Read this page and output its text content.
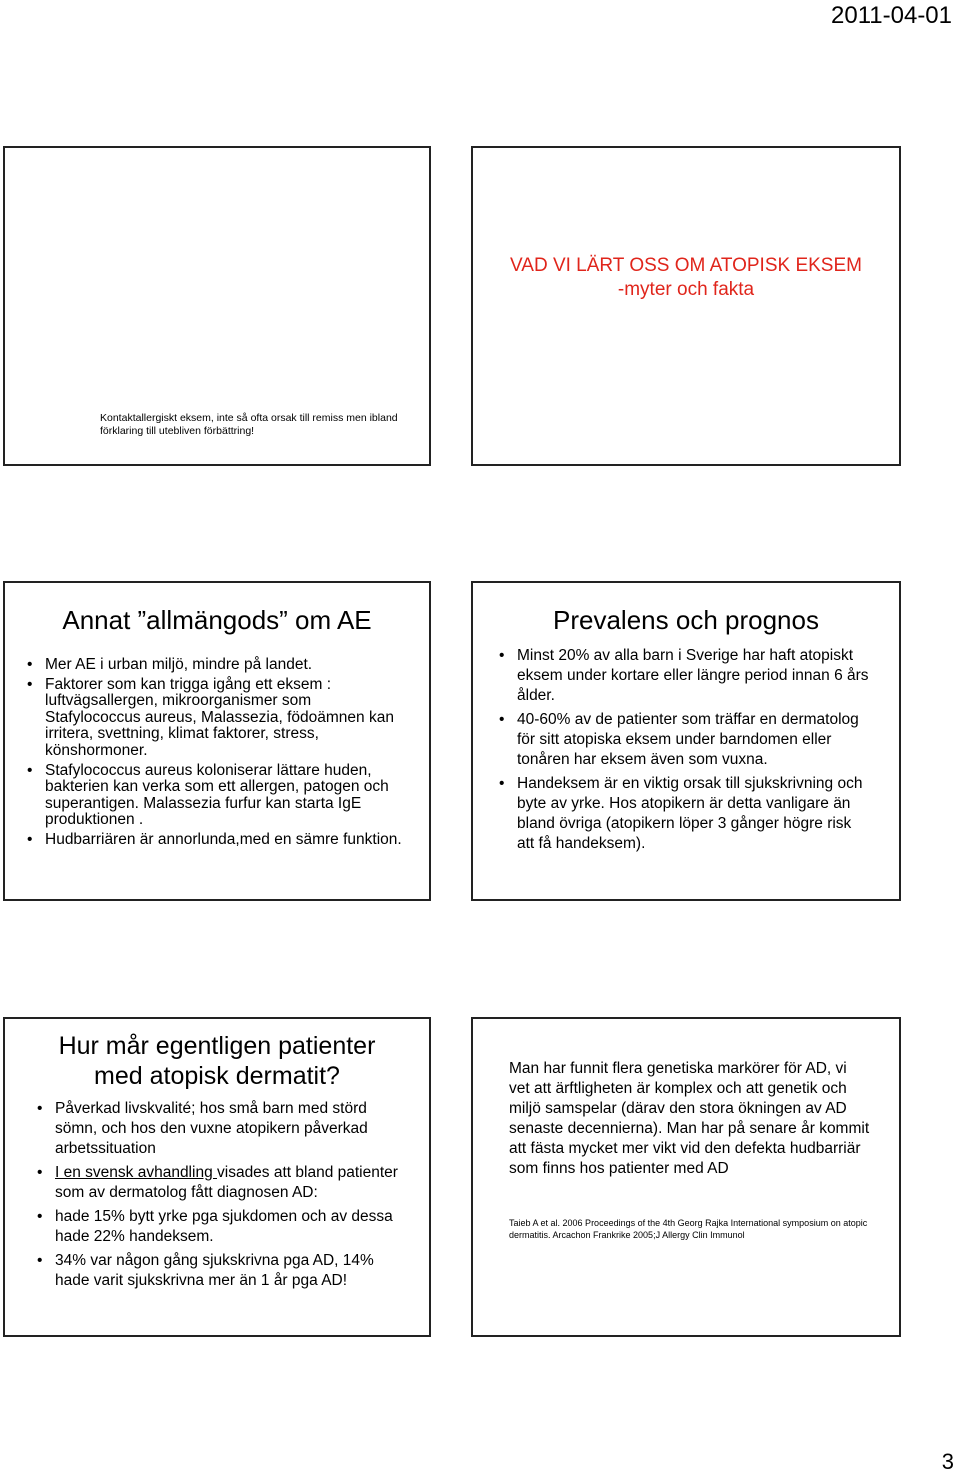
2011-04-01
Kontaktallergiskt eksem, inte så ofta orsak till remiss men ibland förklaring till utebliven förbättring!
VAD VI LÄRT OSS OM ATOPISK EKSEM
-myter och fakta
Annat ”allmängods” om AE
• Mer AE i urban miljö, mindre på landet.
• Faktorer som kan trigga igång ett eksem : luftvägsallergen, mikroorganismer som Stafylococcus aureus, Malassezia, födoämnen kan irritera, svettning, klimat faktorer, stress, könshormoner.
• Stafylococcus aureus koloniserar lättare huden, bakterien kan verka som ett allergen, patogen och superantigen. Malassezia furfur kan starta IgE produktionen .
• Hudbarriären är annorlunda,med en sämre funktion.
Prevalens och prognos
• Minst 20% av alla barn i Sverige har haft atopiskt eksem under kortare eller längre period innan 6 års ålder.
• 40-60% av de patienter som träffar en dermatolog för sitt atopiska eksem under barndomen eller tonåren har eksem även som vuxna.
• Handeksem är en viktig orsak till sjukskrivning och byte av yrke. Hos atopikern är detta vanligare än bland övriga (atopikern löper 3 gånger högre risk att få handeksem).
Hur mår egentligen patienter med atopisk dermatit?
• Påverkad livskvalité; hos små barn med störd sömn, och hos den vuxne atopikern påverkad arbetssituation
• I en svensk avhandling visades att bland patienter som av dermatolog fått diagnosen AD:
• hade 15% bytt yrke pga sjukdomen och av dessa hade 22% handeksem.
• 34% var någon gång sjukskrivna pga AD, 14% hade varit sjukskrivna mer än 1 år pga AD!
Man har funnit flera genetiska markörer för AD, vi vet att ärftligheten är komplex och att genetik och miljö samspelar (därav den stora ökningen av AD senaste decennierna). Man har på senare år kommit att fästa mycket mer vikt vid den defekta hudbarriär som finns hos patienter med AD
Taieb A et al. 2006 Proceedings of the 4th Georg Rajka International symposium on atopic dermatitis. Arcachon Frankrike 2005;J Allergy Clin Immunol
3
